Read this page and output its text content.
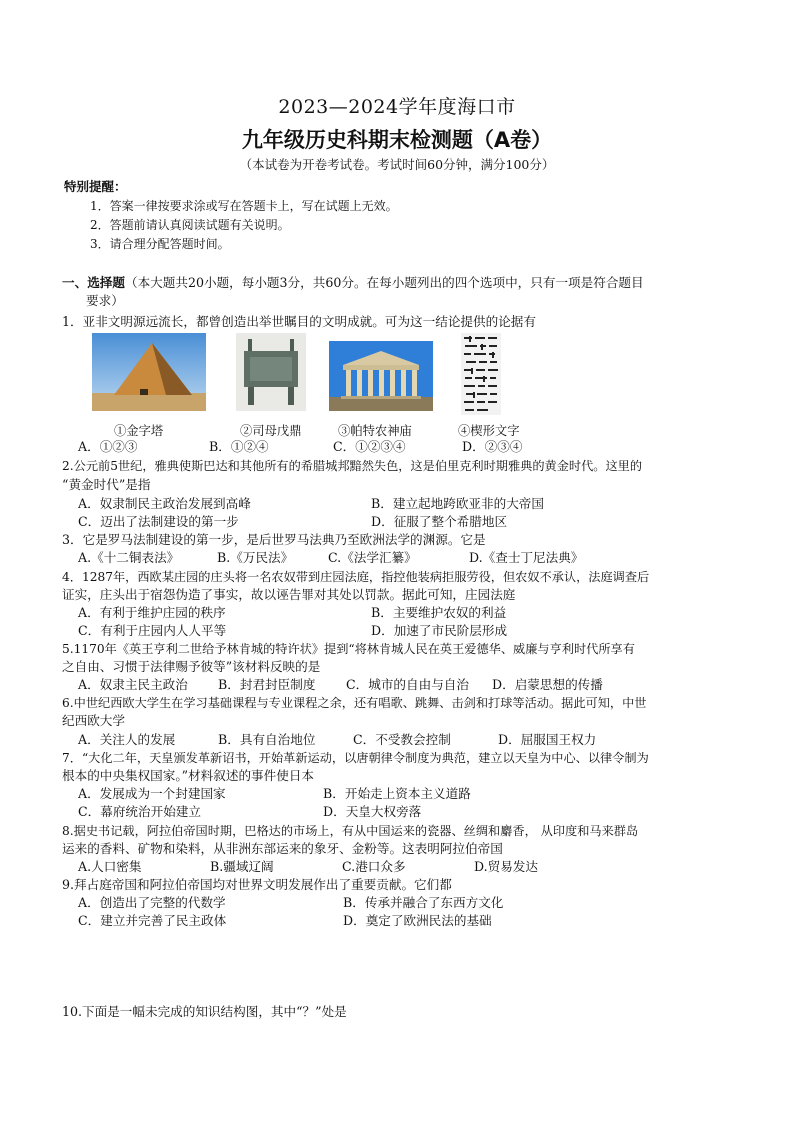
2023—2024学年度海口市
九年级历史科期末检测题（A卷）
（本试卷为开卷考试卷。考试时间60分钟，满分100分）
特别提醒：
1．答案一律按要求涂或写在答题卡上，写在试题上无效。
2．答题前请认真阅读试题有关说明。
3．请合理分配答题时间。
一、选择题（本大题共20小题，每小题3分，共60分。在每小题列出的四个选项中，只有一项是符合题目
要求）
1．亚非文明源远流长，都曾创造出举世瞩目的文明成就。可为这一结论提供的论据有
①金字塔	②司母戊鼎	③帕特农神庙	④楔形文字
A．①②③	B．①②④	C．①②③④	D．②③④
2.公元前5世纪，雅典使斯巴达和其他所有的希腊城邦黯然失色，这是伯里克利时期雅典的黄金时代。这里的
“黄金时代”是指
A．奴隶制民主政治发展到高峰	B．建立起地跨欧亚非的大帝国
C．迈出了法制建设的第一步	D．征服了整个希腊地区
3．它是罗马法制建设的第一步，是后世罗马法典乃至欧洲法学的渊源。它是
A.《十二铜表法》	B.《万民法》	C.《法学汇纂》	D.《查士丁尼法典》
4．1287年，西欧某庄园的庄头将一名农奴带到庄园法庭，指控他装病拒服劳役，但农奴不承认，法庭调查后
证实，庄头出于宿怨伪造了事实，故以诬告罪对其处以罚款。据此可知，庄园法庭
A．有利于维护庄园的秩序	B．主要维护农奴的利益
C．有利于庄园内人人平等	D．加速了市民阶层形成
5.1170年《英王亨利二世给予林肯城的特许状》提到“将林肯城人民在英王爱德华、威廉与亨利时代所享有
之自由、习惯于法律赐予彼等”该材料反映的是
A．奴隶主民主政治 B．封君封臣制度 C．城市的自由与自治 D．启蒙思想的传播
6.中世纪西欧大学生在学习基础课程与专业课程之余，还有唱歌、跳舞、击剑和打球等活动。据此可知，中世
纪西欧大学
A．关注人的发展	B．具有自治地位	C．不受教会控制	D．屈服国王权力
7．“大化二年，天皇颁发革新诏书，开始革新运动，以唐朝律令制度为典范，建立以天皇为中心、以律令制为
根本的中央集权国家。”材料叙述的事件使日本
A．发展成为一个封建国家	B．开始走上资本主义道路
C．幕府统治开始建立	D．天皇大权旁落
8.据史书记载，阿拉伯帝国时期，巴格达的市场上，有从中国运来的瓷器、丝绸和麝香， 从印度和马来群岛
运来的香料、矿物和染料，从非洲东部运来的象牙、金粉等。这表明阿拉伯帝国
A.人口密集	B.疆域辽阔	C.港口众多	D.贸易发达
9.拜占庭帝国和阿拉伯帝国均对世界文明发展作出了重要贡献。它们都
A．创造出了完整的代数学	B．传承并融合了东西方文化
C．建立并完善了民主政体	D．奠定了欧洲民法的基础
10.下面是一幅未完成的知识结构图，其中“？”处是
